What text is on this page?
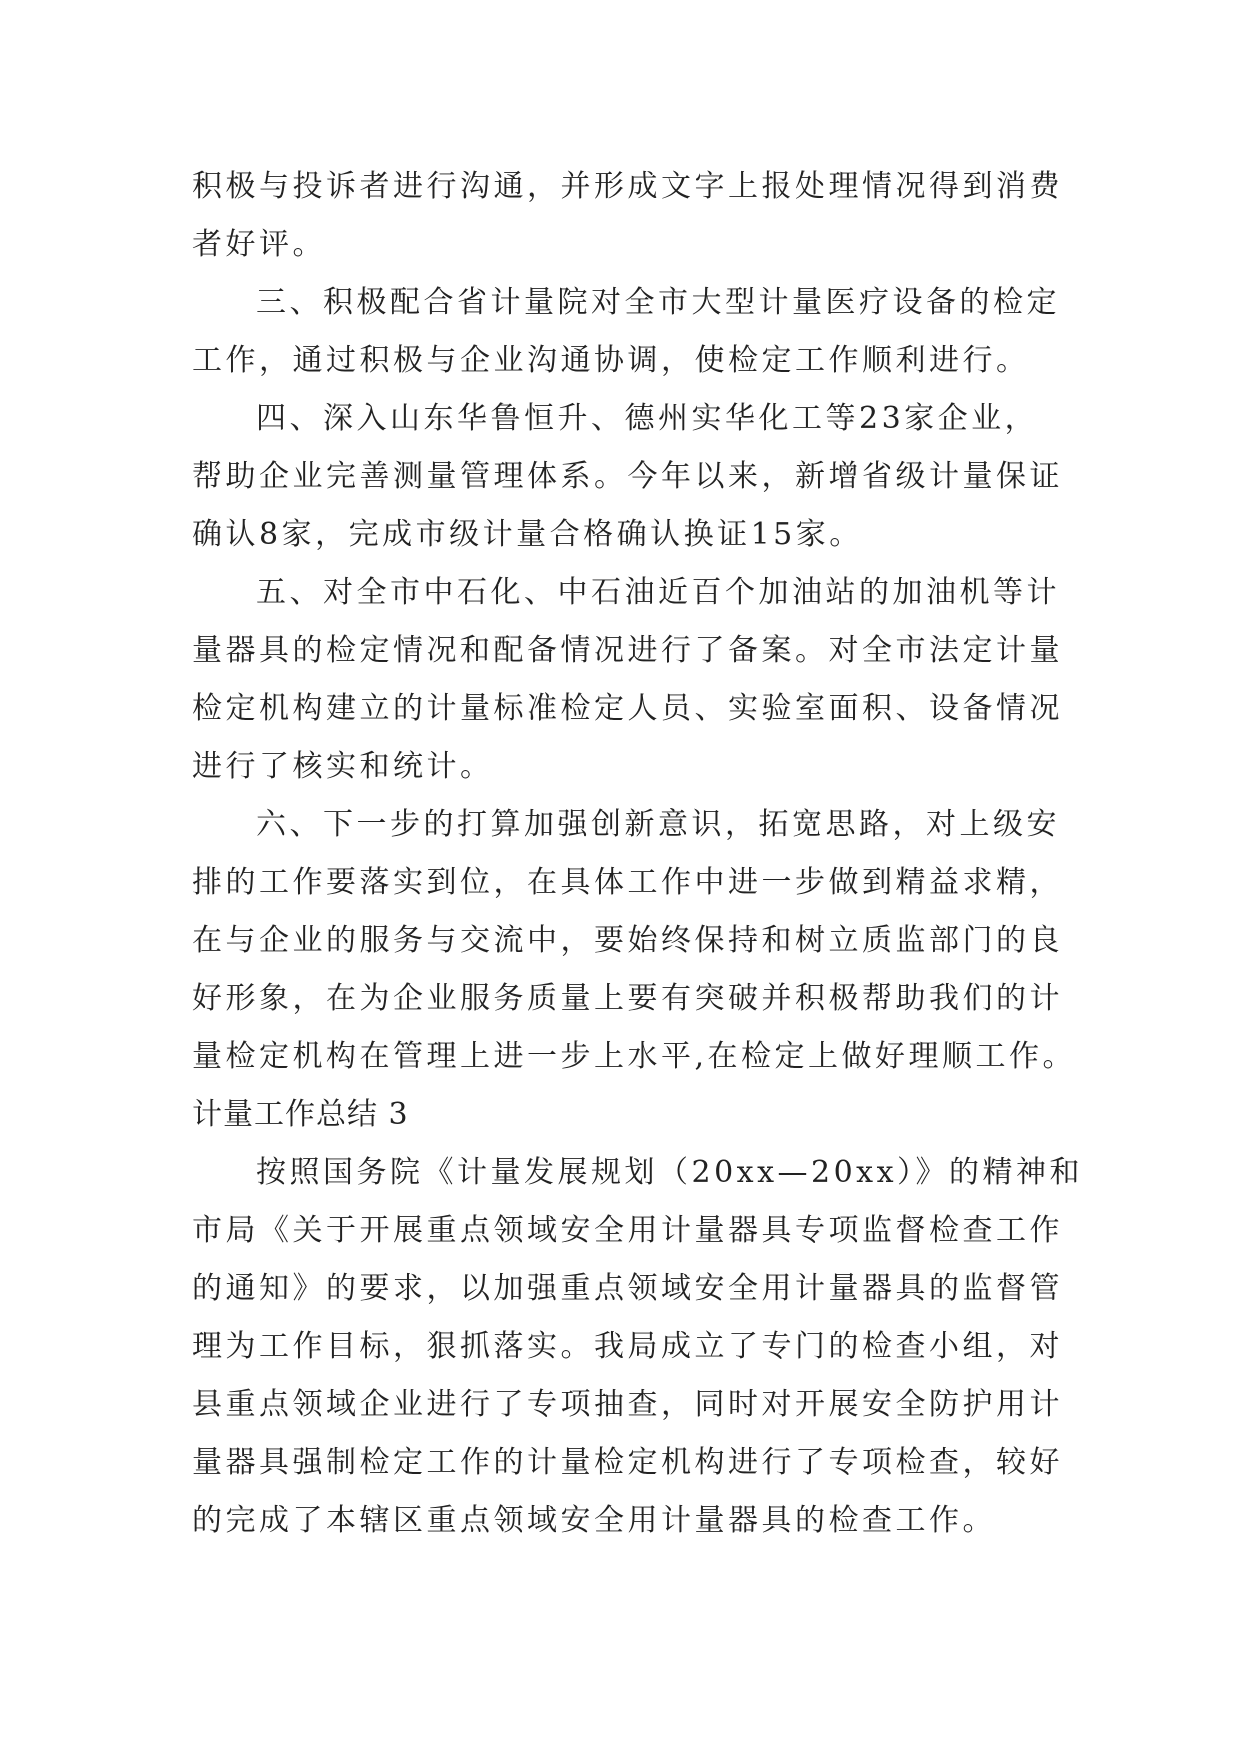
积极与投诉者进行沟通，并形成文字上报处理情况得到消费
者好评。
三、积极配合省计量院对全市大型计量医疗设备的检定
工作，通过积极与企业沟通协调，使检定工作顺利进行。
四、深入山东华鲁恒升、德州实华化工等23家企业，
帮助企业完善测量管理体系。今年以来，新增省级计量保证
确认8家，完成市级计量合格确认换证15家。
五、对全市中石化、中石油近百个加油站的加油机等计
量器具的检定情况和配备情况进行了备案。对全市法定计量
检定机构建立的计量标准检定人员、实验室面积、设备情况
进行了核实和统计。
六、下一步的打算加强创新意识，拓宽思路，对上级安
排的工作要落实到位，在具体工作中进一步做到精益求精，
在与企业的服务与交流中，要始终保持和树立质监部门的良
好形象，在为企业服务质量上要有突破并积极帮助我们的计
量检定机构在管理上进一步上水平,在检定上做好理顺工作。
计量工作总结 3
按照国务院《计量发展规划（20xx—20xx）》的精神和
市局《关于开展重点领域安全用计量器具专项监督检查工作
的通知》的要求，以加强重点领域安全用计量器具的监督管
理为工作目标，狠抓落实。我局成立了专门的检查小组，对
县重点领域企业进行了专项抽查，同时对开展安全防护用计
量器具强制检定工作的计量检定机构进行了专项检查，较好
的完成了本辖区重点领域安全用计量器具的检查工作。
